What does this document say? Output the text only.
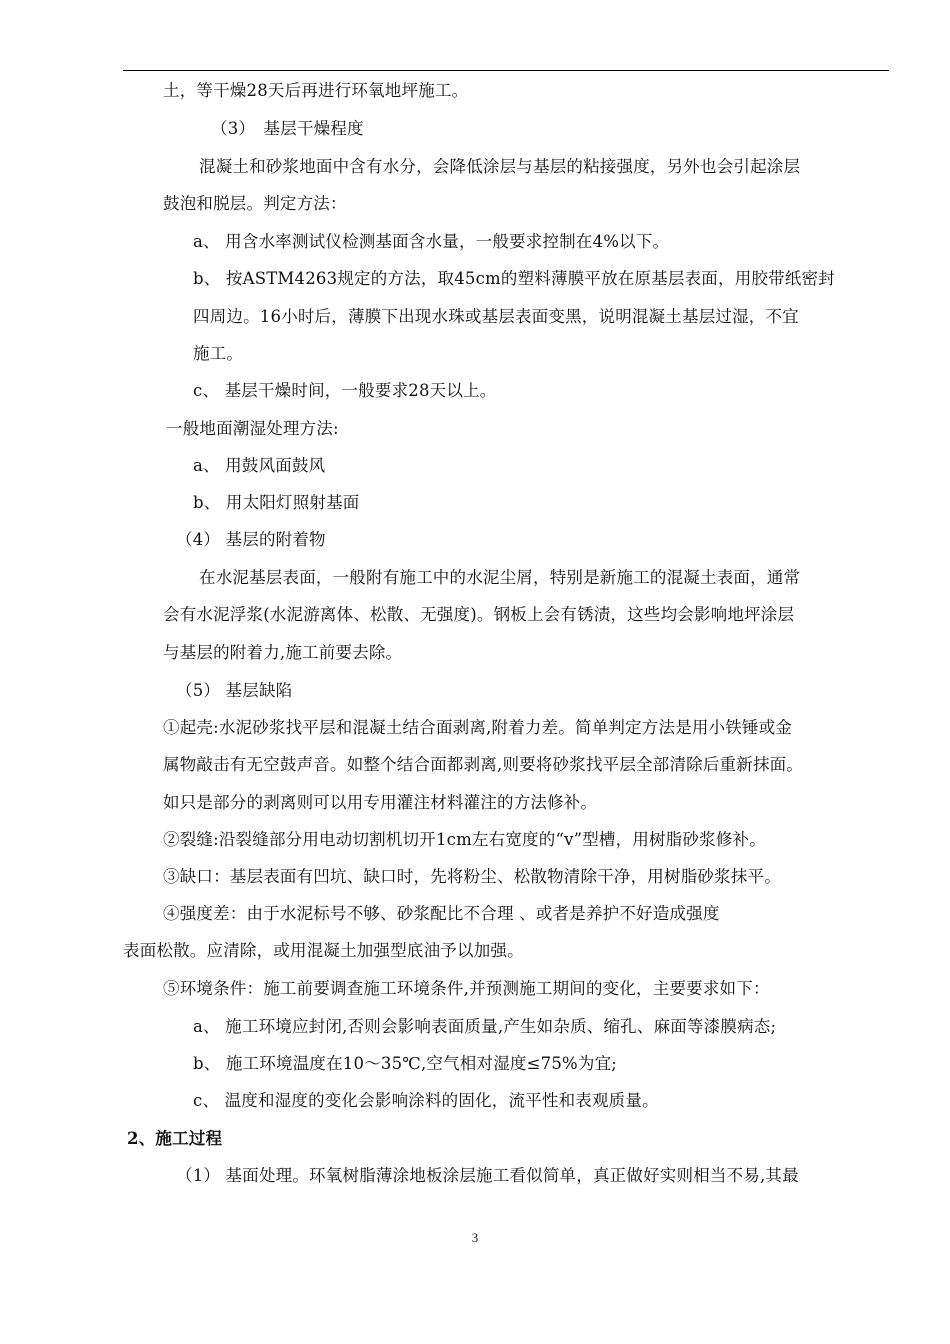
土，等干燥28天后再进行环氧地坪施工。
（3）　基层干燥程度
混凝土和砂浆地面中含有水分，会降低涂层与基层的粘接强度，另外也会引起涂层
鼓泡和脱层。判定方法：
a、 用含水率测试仪检测基面含水量，一般要求控制在4%以下。
b、 按ASTM4263规定的方法，取45cm的塑料薄膜平放在原基层表面，用胶带纸密封
四周边。16小时后，薄膜下出现水珠或基层表面变黑，说明混凝土基层过湿，不宜
施工。
c、 基层干燥时间，一般要求28天以上。
一般地面潮湿处理方法:
a、 用鼓风面鼓风
b、 用太阳灯照射基面
（4） 基层的附着物
在水泥基层表面，一般附有施工中的水泥尘屑，特别是新施工的混凝土表面，通常
会有水泥浮浆(水泥游离体、松散、无强度)。钢板上会有锈渍，这些均会影响地坪涂层
与基层的附着力,施工前要去除。
（5） 基层缺陷
①起壳:水泥砂浆找平层和混凝土结合面剥离,附着力差。简单判定方法是用小铁锤或金
属物敲击有无空鼓声音。如整个结合面都剥离,则要将砂浆找平层全部清除后重新抹面。
如只是部分的剥离则可以用专用灌注材料灌注的方法修补。
②裂缝:沿裂缝部分用电动切割机切开1cm左右宽度的“v”型槽，用树脂砂浆修补。
③缺口：基层表面有凹坑、缺口时，先将粉尘、松散物清除干净，用树脂砂浆抹平。
④强度差：由于水泥标号不够、砂浆配比不合理 、或者是养护不好造成强度
表面松散。应清除，或用混凝土加强型底油予以加强。
⑤环境条件：施工前要调查施工环境条件,并预测施工期间的变化，主要要求如下：
a、 施工环境应封闭,否则会影响表面质量,产生如杂质、缩孔、麻面等漆膜病态;
b、 施工环境温度在10～35℃,空气相对湿度≤75%为宜;
c、 温度和湿度的变化会影响涂料的固化，流平性和表观质量。
2、施工过程
（1） 基面处理。环氧树脂薄涂地板涂层施工看似简单，真正做好实则相当不易,其最
3
